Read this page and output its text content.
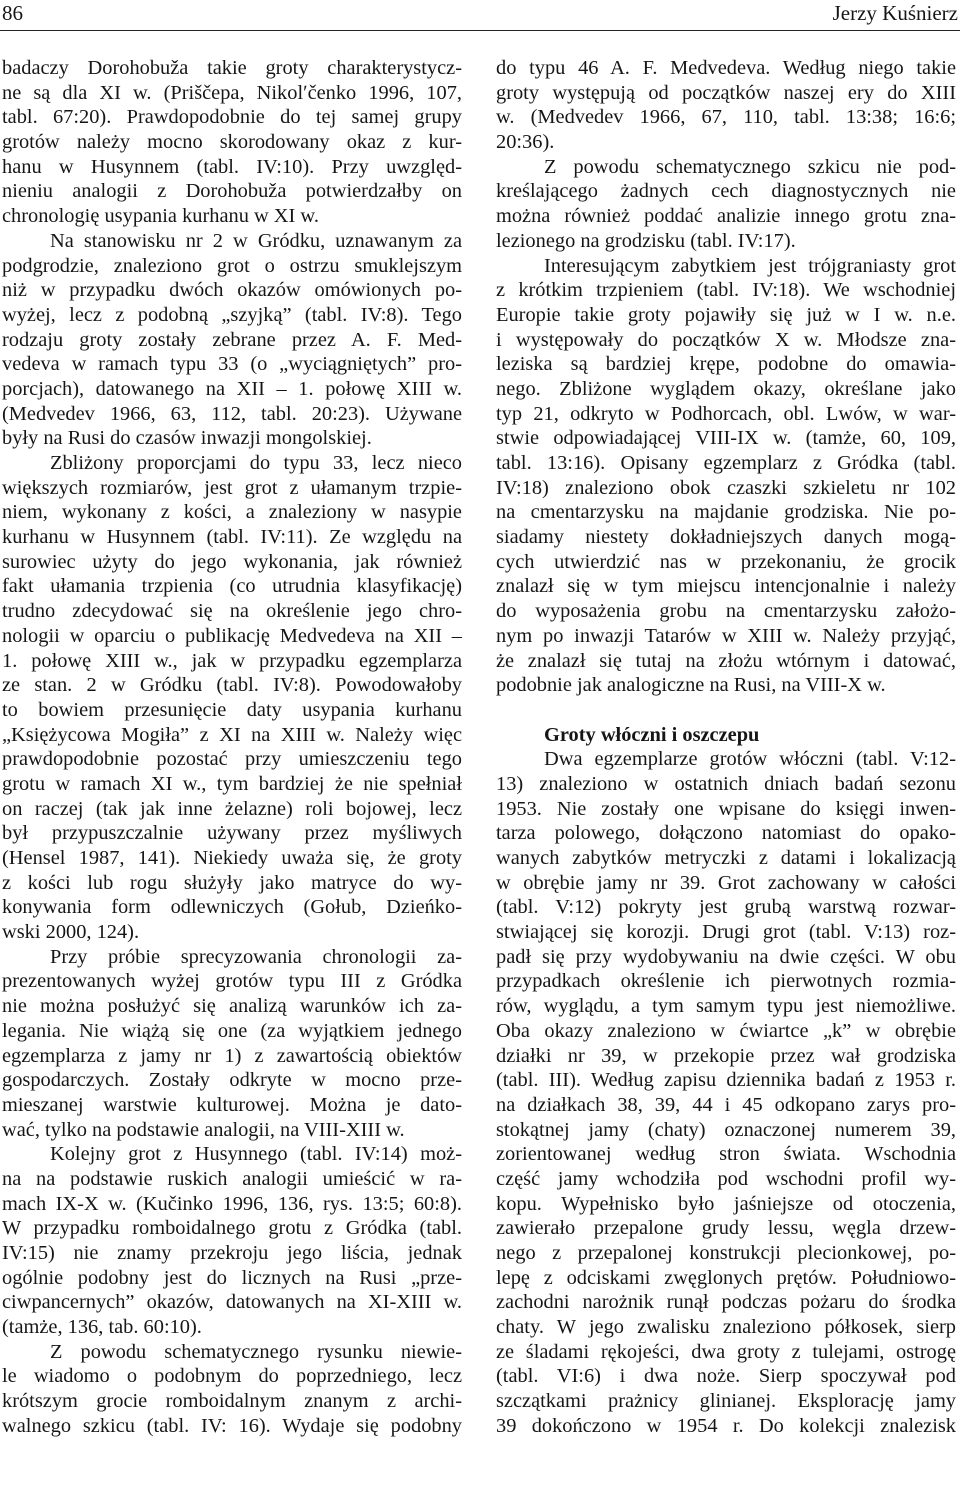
86	Jerzy Kuśnierz
badaczy Dorohobuža takie groty charakterystycz-
ne są dla XI w. (Priščepa, Nikolʹčenko 1996, 107,
tabl. 67:20). Prawdopodobnie do tej samej grupy
grotów należy mocno skorodowany okaz z kur-
hanu w Husynnem (tabl. IV:10). Przy uwzględ-
nieniu analogii z Dorohobuža potwierdzałby on
chronologię usypania kurhanu w XI w.
Na stanowisku nr 2 w Gródku, uznawanym za
podgrodzie, znaleziono grot o ostrzu smuklejszym
niż w przypadku dwóch okazów omówionych po-
wyżej, lecz z podobną „szyjką” (tabl. IV:8). Tego
rodzaju groty zostały zebrane przez A. F. Med-
vedeva w ramach typu 33 (o „wyciągniętych” pro-
porcjach), datowanego na XII – 1. połowę XIII w.
(Medvedev 1966, 63, 112, tabl. 20:23). Używane
były na Rusi do czasów inwazji mongolskiej.
Zbliżony proporcjami do typu 33, lecz nieco
większych rozmiarów, jest grot z ułamanym trzpie-
niem, wykonany z kości, a znaleziony w nasypie
kurhanu w Husynnem (tabl. IV:11). Ze względu na
surowiec użyty do jego wykonania, jak również
fakt ułamania trzpienia (co utrudnia klasyfikację)
trudno zdecydować się na określenie jego chro-
nologii w oparciu o publikację Medvedeva na XII –
1. połowę XIII w., jak w przypadku egzemplarza
ze stan. 2 w Gródku (tabl. IV:8). Powodowałoby
to bowiem przesunięcie daty usypania kurhanu
„Księżycowa Mogiła” z XI na XIII w. Należy więc
prawdopodobnie pozostać przy umieszczeniu tego
grotu w ramach XI w., tym bardziej że nie spełniał
on raczej (tak jak inne żelazne) roli bojowej, lecz
był przypuszczalnie używany przez myśliwych
(Hensel 1987, 141). Niekiedy uważa się, że groty
z kości lub rogu służyły jako matryce do wy-
konywania form odlewniczych (Gołub, Dzieńko-
wski 2000, 124).
Przy próbie sprecyzowania chronologii za-
prezentowanych wyżej grotów typu III z Gródka
nie można posłużyć się analizą warunków ich za-
legania. Nie wiążą się one (za wyjątkiem jednego
egzemplarza z jamy nr 1) z zawartością obiektów
gospodarczych. Zostały odkryte w mocno prze-
mieszanej warstwie kulturowej. Można je dato-
wać, tylko na podstawie analogii, na VIII-XIII w.
Kolejny grot z Husynnego (tabl. IV:14) moż-
na na podstawie ruskich analogii umieścić w ra-
mach IX-X w. (Kučinko 1996, 136, rys. 13:5; 60:8).
W przypadku romboidalnego grotu z Gródka (tabl.
IV:15) nie znamy przekroju jego liścia, jednak
ogólnie podobny jest do licznych na Rusi „prze-
ciwpancernych” okazów, datowanych na XI-XIII w.
(tamże, 136, tab. 60:10).
Z powodu schematycznego rysunku niewie-
le wiadomo o podobnym do poprzedniego, lecz
krótszym grocie romboidalnym znanym z archi-
walnego szkicu (tabl. IV: 16). Wydaje się podobny
do typu 46 A. F. Medvedeva. Według niego takie
groty występują od początków naszej ery do XIII
w. (Medvedev 1966, 67, 110, tabl. 13:38; 16:6;
20:36).
Z powodu schematycznego szkicu nie pod-
kreślającego żadnych cech diagnostycznych nie
można również poddać analizie innego grotu zna-
lezionego na grodzisku (tabl. IV:17).
Interesującym zabytkiem jest trójgraniasty grot
z krótkim trzpieniem (tabl. IV:18). We wschodniej
Europie takie groty pojawiły się już w I w. n.e.
i występowały do początków X w. Młodsze zna-
leziska są bardziej krępe, podobne do omawia-
nego. Zbliżone wyglądem okazy, określane jako
typ 21, odkryto w Podhorcach, obl. Lwów, w war-
stwie odpowiadającej VIII-IX w. (tamże, 60, 109,
tabl. 13:16). Opisany egzemplarz z Gródka (tabl.
IV:18) znaleziono obok czaszki szkieletu nr 102
na cmentarzysku na majdanie grodziska. Nie po-
siadamy niestety dokładniejszych danych mogą-
cych utwierdzić nas w przekonaniu, że grocik
znalazł się w tym miejscu intencjonalnie i należy
do wyposażenia grobu na cmentarzysku założo-
nym po inwazji Tatarów w XIII w. Należy przyjąć,
że znalazł się tutaj na złożu wtórnym i datować,
podobnie jak analogiczne na Rusi, na VIII-X w.
Groty włóczni i oszczepu
Dwa egzemplarze grotów włóczni (tabl. V:12-
13) znaleziono w ostatnich dniach badań sezonu
1953. Nie zostały one wpisane do księgi inwen-
tarza polowego, dołączono natomiast do opako-
wanych zabytków metryczki z datami i lokalizacją
w obrębie jamy nr 39. Grot zachowany w całości
(tabl. V:12) pokryty jest grubą warstwą rozwar-
stwiającej się korozji. Drugi grot (tabl. V:13) roz-
padł się przy wydobywaniu na dwie części. W obu
przypadkach określenie ich pierwotnych rozmia-
rów, wyglądu, a tym samym typu jest niemożliwe.
Oba okazy znaleziono w ćwiartce „k” w obrębie
działki nr 39, w przekopie przez wał grodziska
(tabl. III). Według zapisu dziennika badań z 1953 r.
na działkach 38, 39, 44 i 45 odkopano zarys pro-
stokątnej jamy (chaty) oznaczonej numerem 39,
zorientowanej według stron świata. Wschodnia
część jamy wchodziła pod wschodni profil wy-
kopu. Wypełnisko było jaśniejsze od otoczenia,
zawierało przepalone grudy lessu, węgla drzew-
nego z przepalonej konstrukcji plecionkowej, po-
lepę z odciskami zwęglonych prętów. Południowo-
zachodni narożnik runął podczas pożaru do środka
chaty. W jego zwalisku znaleziono półkosek, sierp
ze śladami rękojeści, dwa groty z tulejami, ostrogę
(tabl. VI:6) i dwa noże. Sierp spoczywał pod
szczątkami prażnicy glinianej. Eksplorację jamy
39 dokończono w 1954 r. Do kolekcji znalezisk
